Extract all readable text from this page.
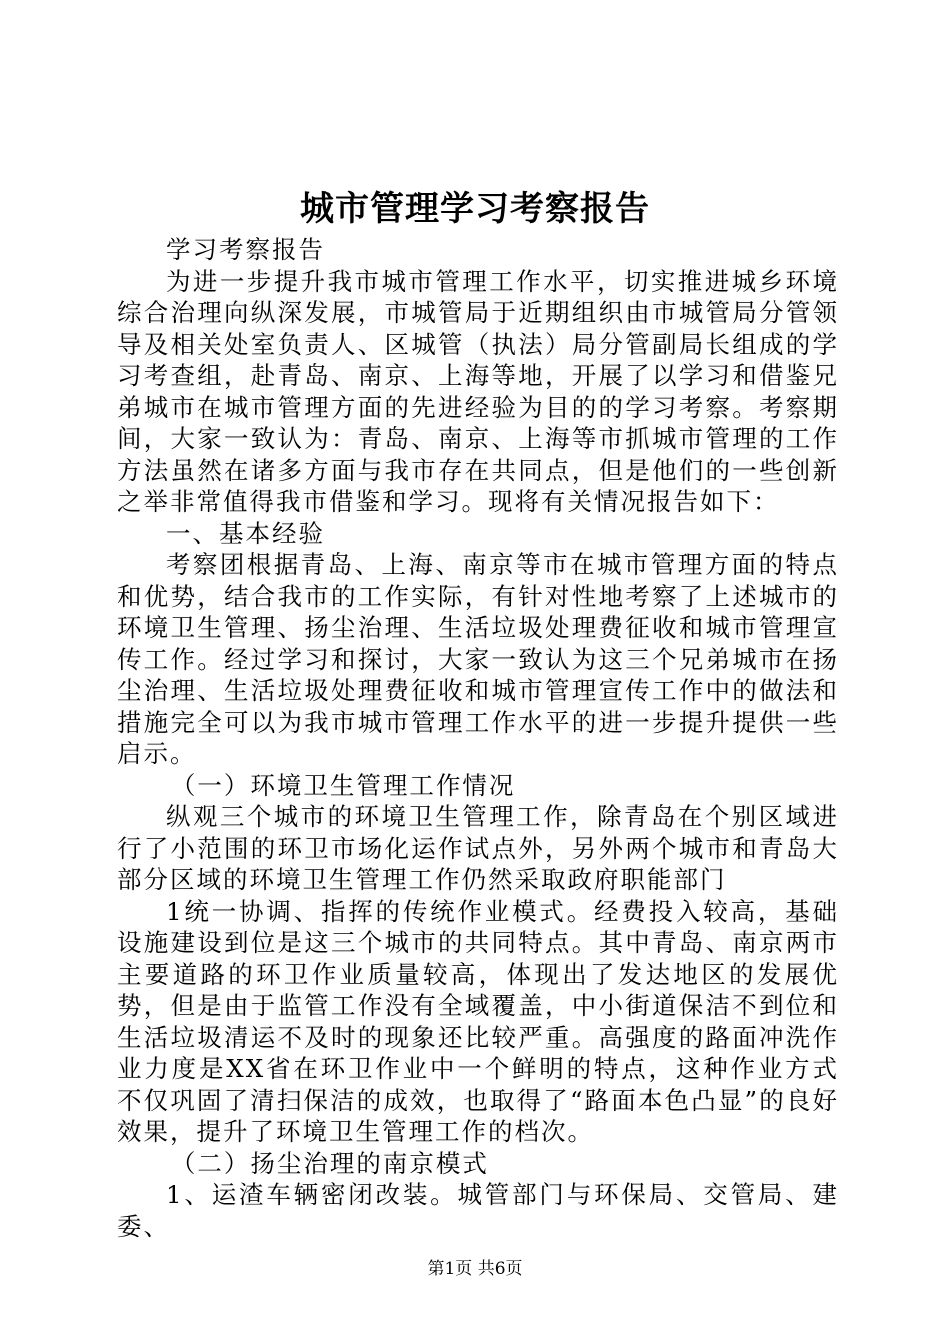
城市管理学习考察报告

学习考察报告

为进一步提升我市城市管理工作水平，切实推进城乡环境综合治理向纵深发展，市城管局于近期组织由市城管局分管领导及相关处室负责人、区城管（执法）局分管副局长组成的学习考查组，赴青岛、南京、上海等地，开展了以学习和借鉴兄弟城市在城市管理方面的先进经验为目的的学习考察。考察期间，大家一致认为：青岛、南京、上海等市抓城市管理的工作方法虽然在诸多方面与我市存在共同点，但是他们的一些创新之举非常值得我市借鉴和学习。现将有关情况报告如下：

一、基本经验

考察团根据青岛、上海、南京等市在城市管理方面的特点和优势，结合我市的工作实际，有针对性地考察了上述城市的环境卫生管理、扬尘治理、生活垃圾处理费征收和城市管理宣传工作。经过学习和探讨，大家一致认为这三个兄弟城市在扬尘治理、生活垃圾处理费征收和城市管理宣传工作中的做法和措施完全可以为我市城市管理工作水平的进一步提升提供一些启示。

（一）环境卫生管理工作情况

纵观三个城市的环境卫生管理工作，除青岛在个别区域进行了小范围的环卫市场化运作试点外，另外两个城市和青岛大部分区域的环境卫生管理工作仍然采取政府职能部门

1统一协调、指挥的传统作业模式。经费投入较高，基础设施建设到位是这三个城市的共同特点。其中青岛、南京两市主要道路的环卫作业质量较高，体现出了发达地区的发展优势，但是由于监管工作没有全域覆盖，中小街道保洁不到位和生活垃圾清运不及时的现象还比较严重。高强度的路面冲洗作业力度是XX省在环卫作业中一个鲜明的特点，这种作业方式不仅巩固了清扫保洁的成效，也取得了“路面本色凸显”的良好效果，提升了环境卫生管理工作的档次。

（二）扬尘治理的南京模式

1、运渣车辆密闭改装。城管部门与环保局、交管局、建委、

第1页 共6页
